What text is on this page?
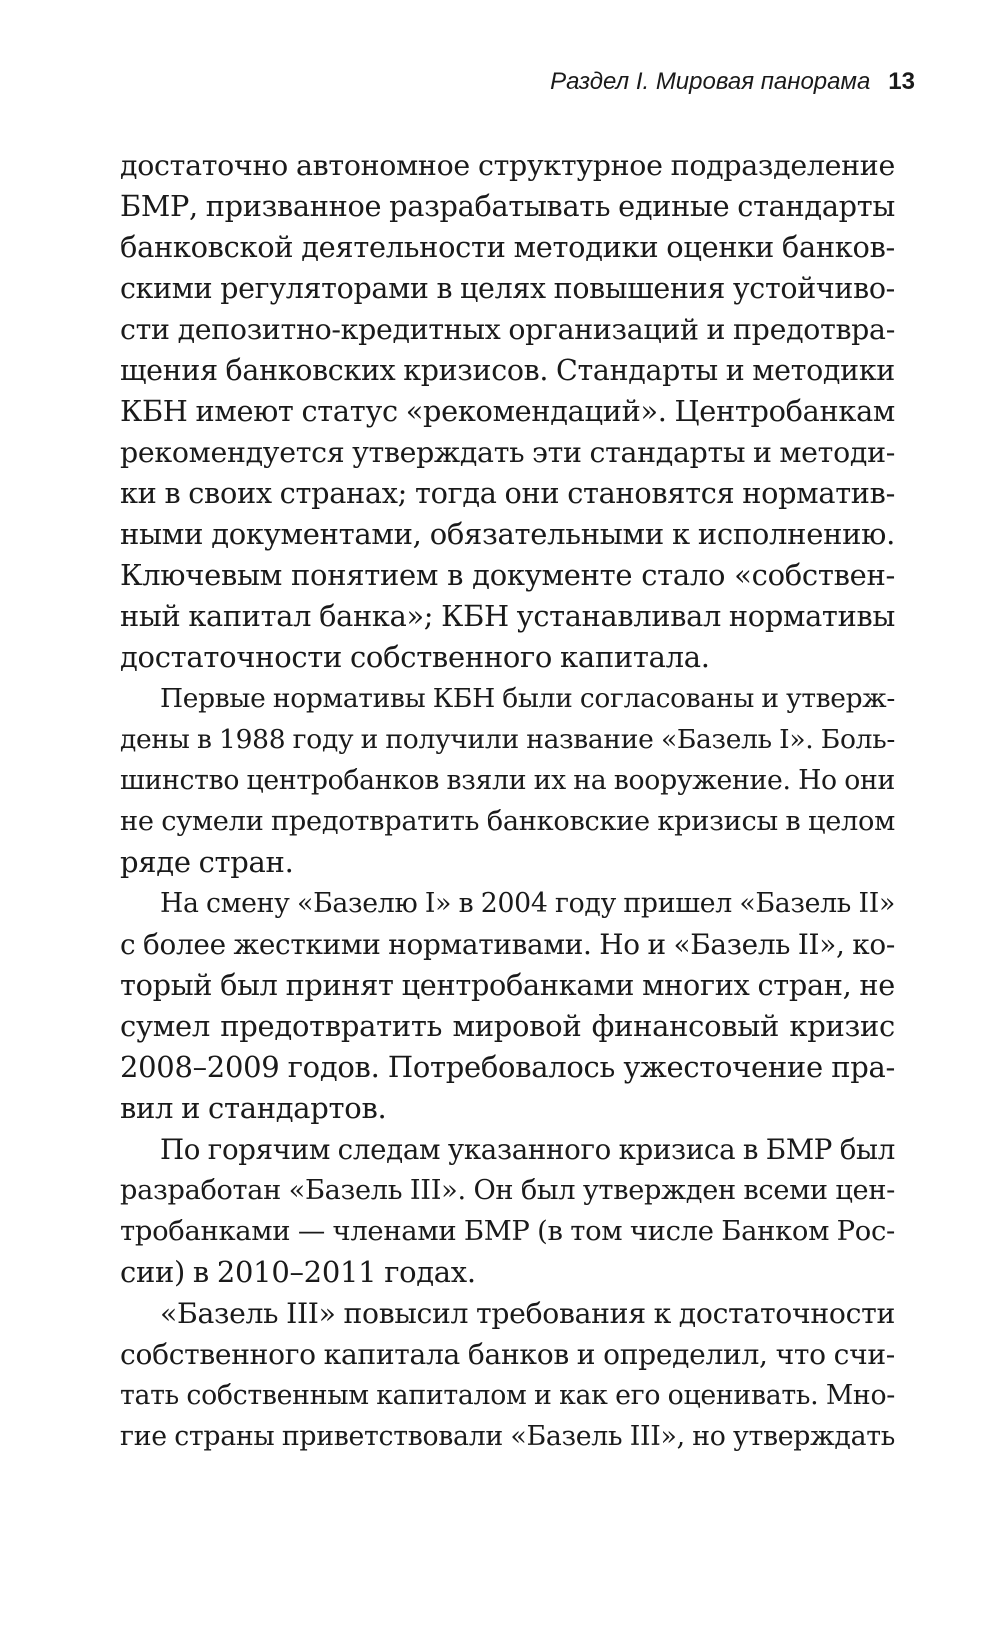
Раздел I. Мировая панорама 13

достаточно автономное структурное подразделение
БМР, призванное разрабатывать единые стандарты
банковской деятельности методики оценки банков-
скими регуляторами в целях повышения устойчиво-
сти депозитно-кредитных организаций и предотвра-
щения банковских кризисов. Стандарты и методики
КБН имеют статус «рекомендаций». Центробанкам
рекомендуется утверждать эти стандарты и методи-
ки в своих странах; тогда они становятся норматив-
ными документами, обязательными к исполнению.
Ключевым понятием в документе стало «собствен-
ный капитал банка»; КБН устанавливал нормативы
достаточности собственного капитала.

Первые нормативы КБН были согласованы и утверж-
дены в 1988 году и получили название «Базель I». Боль-
шинство центробанков взяли их на вооружение. Но они
не сумели предотвратить банковские кризисы в целом
ряде стран.

На смену «Базелю I» в 2004 году пришел «Базель II»
с более жесткими нормативами. Но и «Базель II», ко-
торый был принят центробанками многих стран, не
сумел предотвратить мировой финансовый кризис
2008–2009 годов. Потребовалось ужесточение пра-
вил и стандартов.

По горячим следам указанного кризиса в БМР был
разработан «Базель III». Он был утвержден всеми цен-
тробанками — членами БМР (в том числе Банком Рос-
сии) в 2010–2011 годах.

«Базель III» повысил требования к достаточности
собственного капитала банков и определил, что счи-
тать собственным капиталом и как его оценивать. Мно-
гие страны приветствовали «Базель III», но утверждать
